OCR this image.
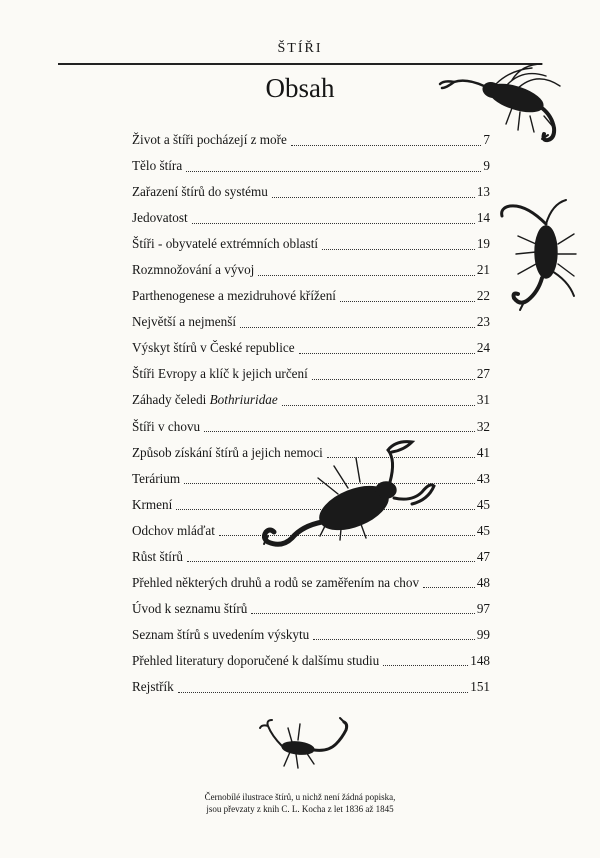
ŠTÍŘI
Obsah
Život a štíři pocházejí z moře	7
Tělo štíra	9
Zařazení štírů do systému	13
Jedovatost	14
Štíři - obyvatelé extrémních oblastí	19
Rozmnožování a vývoj	21
Parthenogenese a mezidruhové křížení	22
Největší a nejmenší	23
Výskyt štírů v České republice	24
Štíři Evropy a klíč k jejich určení	27
Záhady čeledi Bothriuridae	31
Štíři v chovu	32
Způsob získání štírů a jejich nemoci	41
Terárium	43
Krmení	45
Odchov mláďat	45
Růst štírů	47
Přehled některých druhů a rodů se zaměřením na chov	48
Úvod k seznamu štírů	97
Seznam štírů s uvedením výskytu	99
Přehled literatury doporučené k dalšímu studiu	148
Rejstřík	151
Černobílé ilustrace štírů, u nichž není žádná popiska,
jsou převzaty z knih C. L. Kocha z let 1836 až 1845
